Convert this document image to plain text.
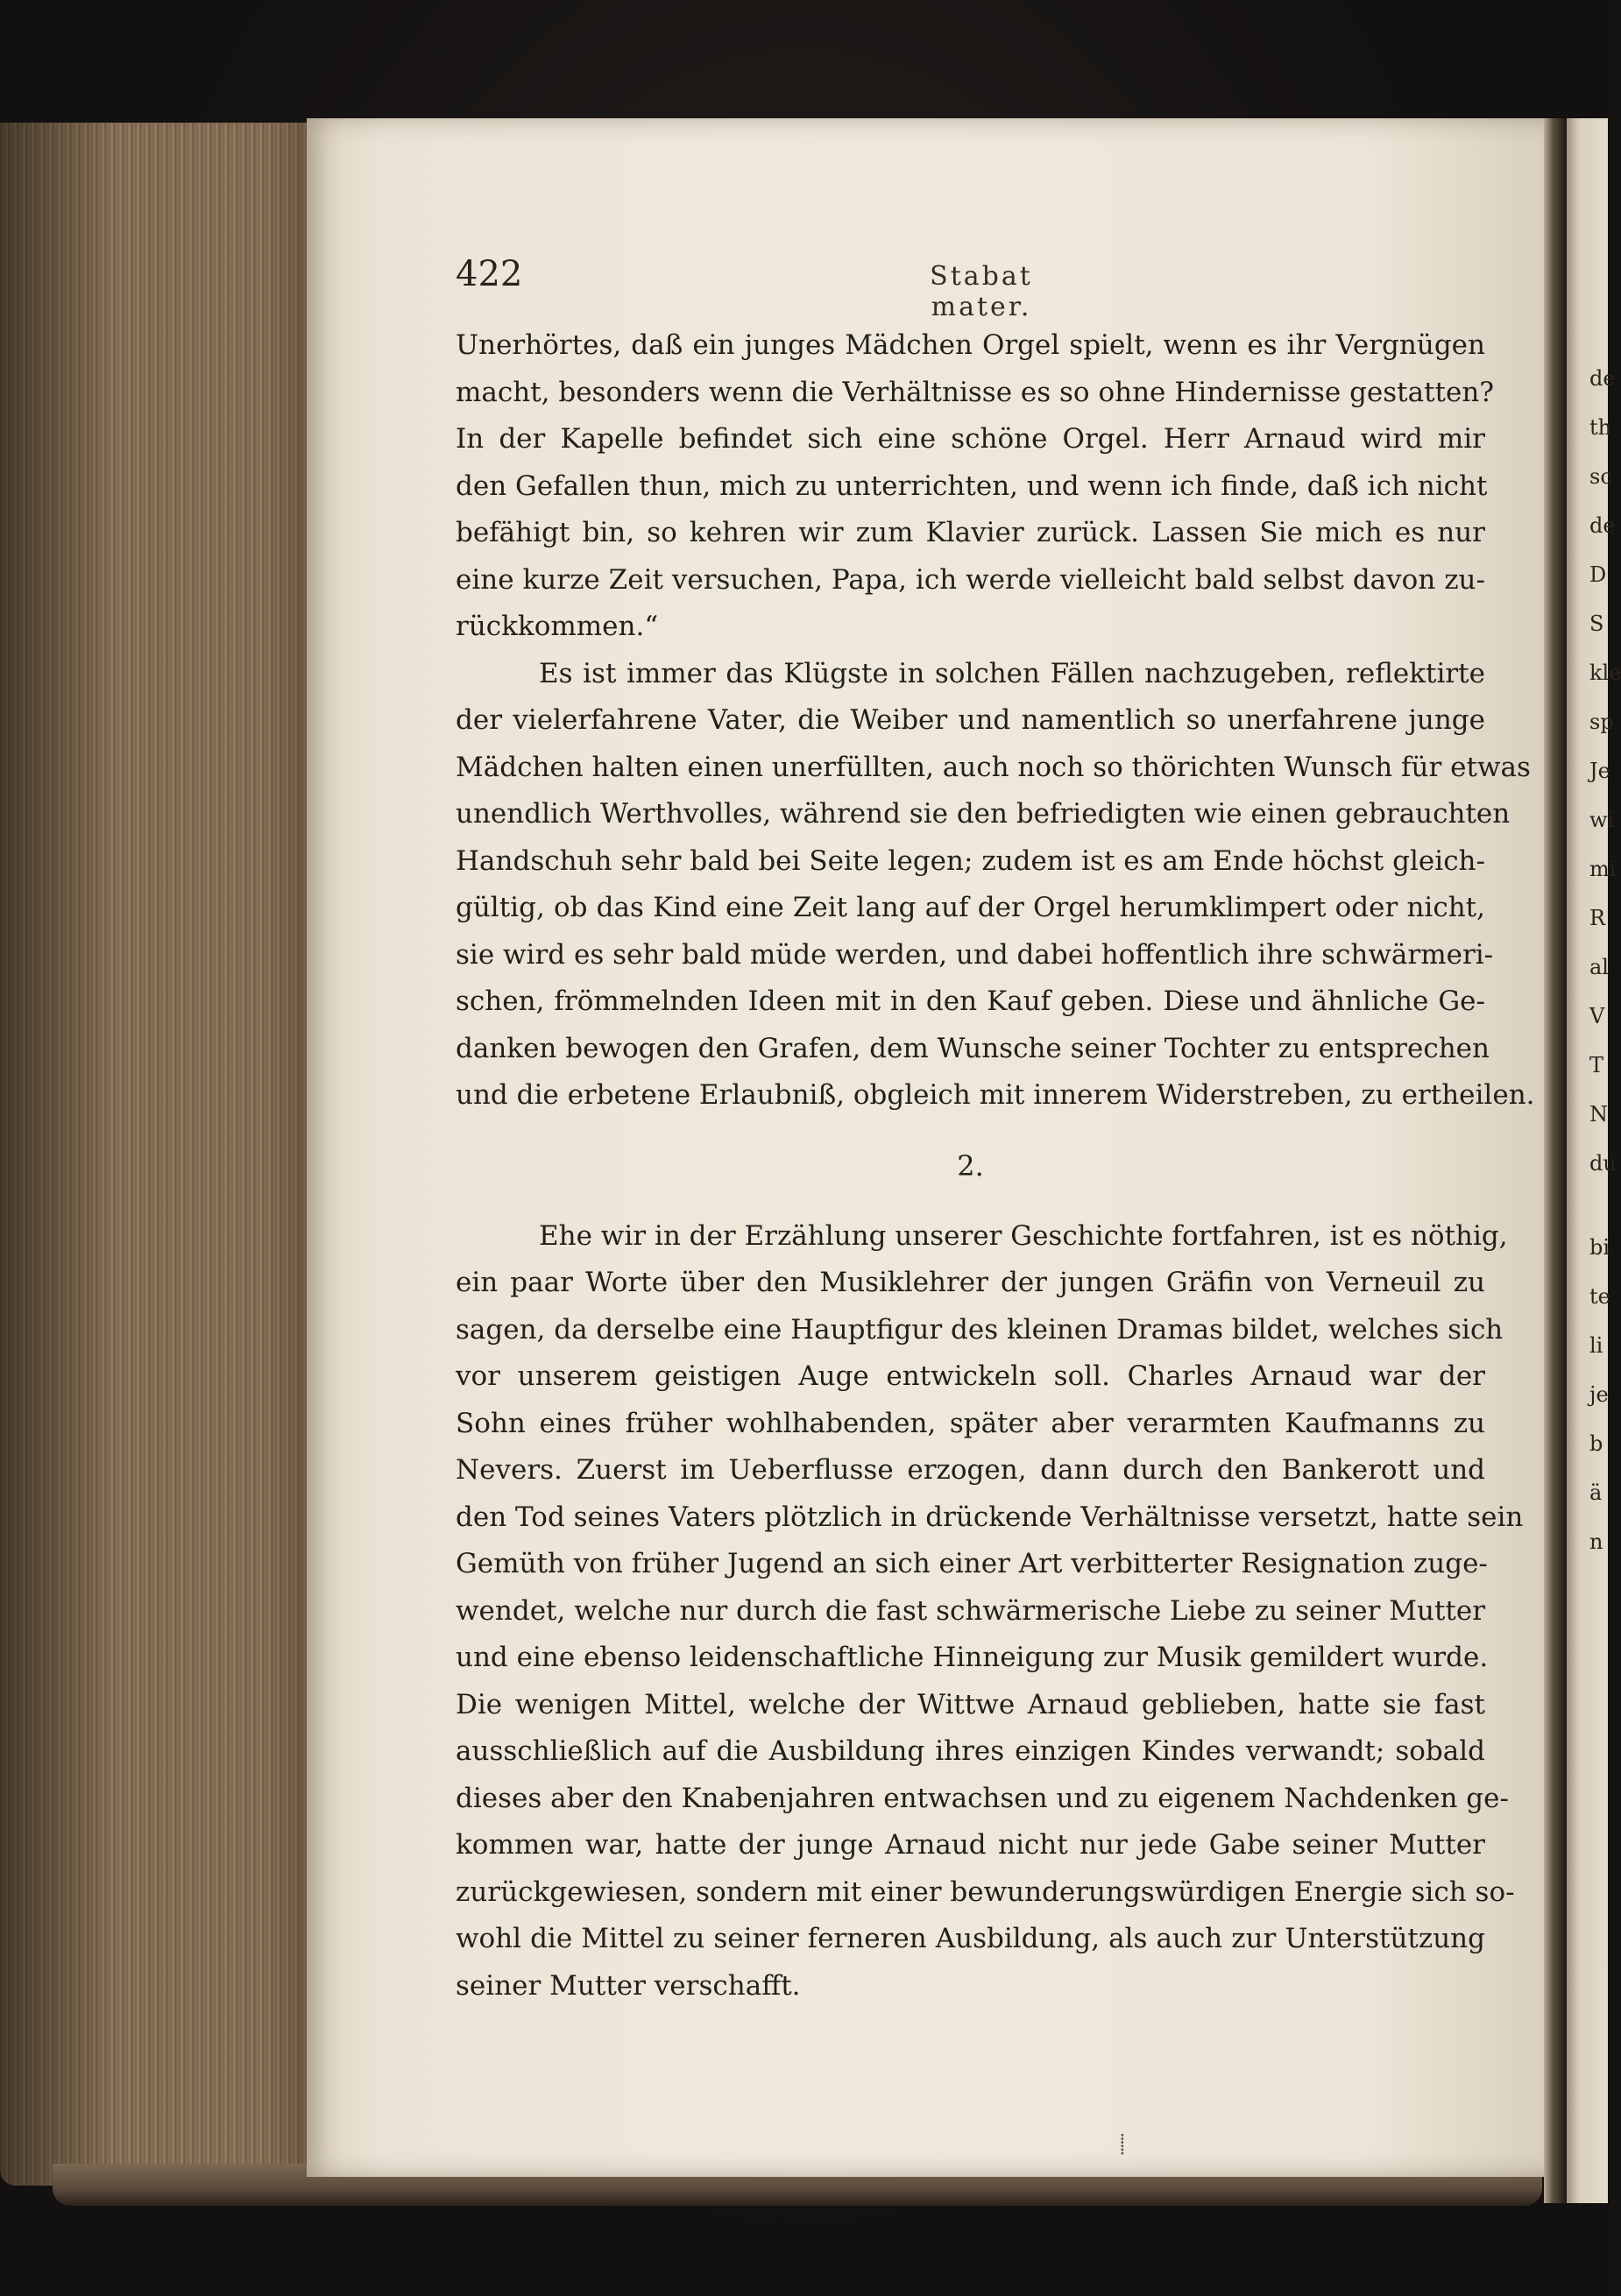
de
th
sc
de
D
S
kle
sp
Je
wi
mi
R
al
V
T
N
du
bi
te
li
je
b
ä
n
422	Stabat mater.
Unerhörtes, daß ein junges Mädchen Orgel spielt, wenn es ihr Vergnügen
macht, besonders wenn die Verhältnisse es so ohne Hindernisse gestatten?
In der Kapelle befindet sich eine schöne Orgel. Herr Arnaud wird mir
den Gefallen thun, mich zu unterrichten, und wenn ich finde, daß ich nicht
befähigt bin, so kehren wir zum Klavier zurück. Lassen Sie mich es nur
eine kurze Zeit versuchen, Papa, ich werde vielleicht bald selbst davon zu-
rückkommen.“
Es ist immer das Klügste in solchen Fällen nachzugeben, reflektirte
der vielerfahrene Vater, die Weiber und namentlich so unerfahrene junge
Mädchen halten einen unerfüllten, auch noch so thörichten Wunsch für etwas
unendlich Werthvolles, während sie den befriedigten wie einen gebrauchten
Handschuh sehr bald bei Seite legen; zudem ist es am Ende höchst gleich-
gültig, ob das Kind eine Zeit lang auf der Orgel herumklimpert oder nicht,
sie wird es sehr bald müde werden, und dabei hoffentlich ihre schwärmeri-
schen, frömmelnden Ideen mit in den Kauf geben. Diese und ähnliche Ge-
danken bewogen den Grafen, dem Wunsche seiner Tochter zu entsprechen
und die erbetene Erlaubniß, obgleich mit innerem Widerstreben, zu ertheilen.
2.
Ehe wir in der Erzählung unserer Geschichte fortfahren, ist es nöthig,
ein paar Worte über den Musiklehrer der jungen Gräfin von Verneuil zu
sagen, da derselbe eine Hauptfigur des kleinen Dramas bildet, welches sich
vor unserem geistigen Auge entwickeln soll. Charles Arnaud war der
Sohn eines früher wohlhabenden, später aber verarmten Kaufmanns zu
Nevers. Zuerst im Ueberflusse erzogen, dann durch den Bankerott und
den Tod seines Vaters plötzlich in drückende Verhältnisse versetzt, hatte sein
Gemüth von früher Jugend an sich einer Art verbitterter Resignation zuge-
wendet, welche nur durch die fast schwärmerische Liebe zu seiner Mutter
und eine ebenso leidenschaftliche Hinneigung zur Musik gemildert wurde.
Die wenigen Mittel, welche der Wittwe Arnaud geblieben, hatte sie fast
ausschließlich auf die Ausbildung ihres einzigen Kindes verwandt; sobald
dieses aber den Knabenjahren entwachsen und zu eigenem Nachdenken ge-
kommen war, hatte der junge Arnaud nicht nur jede Gabe seiner Mutter
zurückgewiesen, sondern mit einer bewunderungswürdigen Energie sich so-
wohl die Mittel zu seiner ferneren Ausbildung, als auch zur Unterstützung
seiner Mutter verschafft.
⸽
